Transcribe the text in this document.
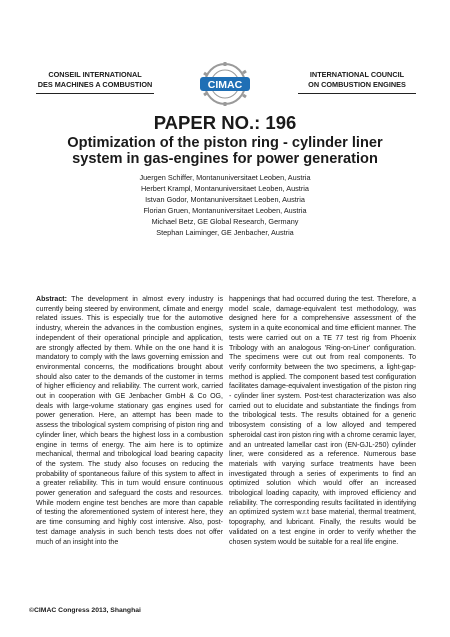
CONSEIL INTERNATIONAL
DES MACHINES A COMBUSTION	CIMAC
INTERNATIONAL COUNCIL
ON COMBUSTION ENGINES
PAPER NO.: 196
Optimization of the piston ring - cylinder liner
system in gas-engines for power generation
Juergen Schiffer, Montanuniversitaet Leoben, Austria
Herbert Krampl, Montanuniversitaet Leoben, Austria
Istvan Godor, Montanuniversitaet Leoben, Austria
Florian Gruen, Montanuniversitaet Leoben, Austria
Michael Betz, GE Global Research, Germany
Stephan Laiminger, GE Jenbacher, Austria

Abstract: The development in almost every industry is currently being steered by environment, climate and energy related issues. This is especially true for the automotive industry, wherein the advances in the combustion engines, independent of their operational principle and application, are strongly affected by them. While on the one hand it is mandatory to comply with the laws governing emission and environmental concerns, the modifications brought about should also cater to the demands of the customer in terms of higher efficiency and reliability. The current work, carried out in cooperation with GE Jenbacher GmbH & Co OG, deals with large-volume stationary gas engines used for power generation. Here, an attempt has been made to assess the tribological system comprising of piston ring and cylinder liner, which bears the highest loss in a combustion engine in terms of energy. The aim here is to optimize mechanical, thermal and tribological load bearing capacity of the system. The study also focuses on reducing the probability of spontaneous failure of this system to affect in a greater reliability. This in turn would ensure continuous power generation and safeguard the costs and resources. While modern engine test benches are more than capable of testing the aforementioned system of interest here, they are time consuming and highly cost intensive. Also, post-test damage analysis in such bench tests does not offer much of an insight into the

happenings that had occurred during the test. Therefore, a model scale, damage-equivalent test methodology, was designed here for a comprehensive assessment of the system in a quite economical and time efficient manner. The tests were carried out on a TE 77 test rig from Phoenix Tribology with an analogous 'Ring-on-Liner' configuration. The specimens were cut out from real components. To verify conformity between the two specimens, a light-gap-method is applied. The component based test configuration facilitates damage-equivalent investigation of the piston ring - cylinder liner system. Post-test characterization was also carried out to elucidate and substantiate the findings from the tribological tests. The results obtained for a generic tribosystem consisting of a low alloyed and tempered spheroidal cast iron piston ring with a chrome ceramic layer, and an untreated lamellar cast iron (EN-GJL-250) cylinder liner, were considered as a reference. Numerous base materials with varying surface treatments have been investigated through a series of experiments to find an optimized solution which would offer an increased tribological loading capacity, with improved efficiency and reliability. The corresponding results facilitated in identifying an optimized system w.r.t base material, thermal treatment, topography, and lubricant. Finally, the results would be validated on a test engine in order to verify whether the chosen system would be suitable for a real life engine.

©CIMAC Congress 2013, Shanghai
